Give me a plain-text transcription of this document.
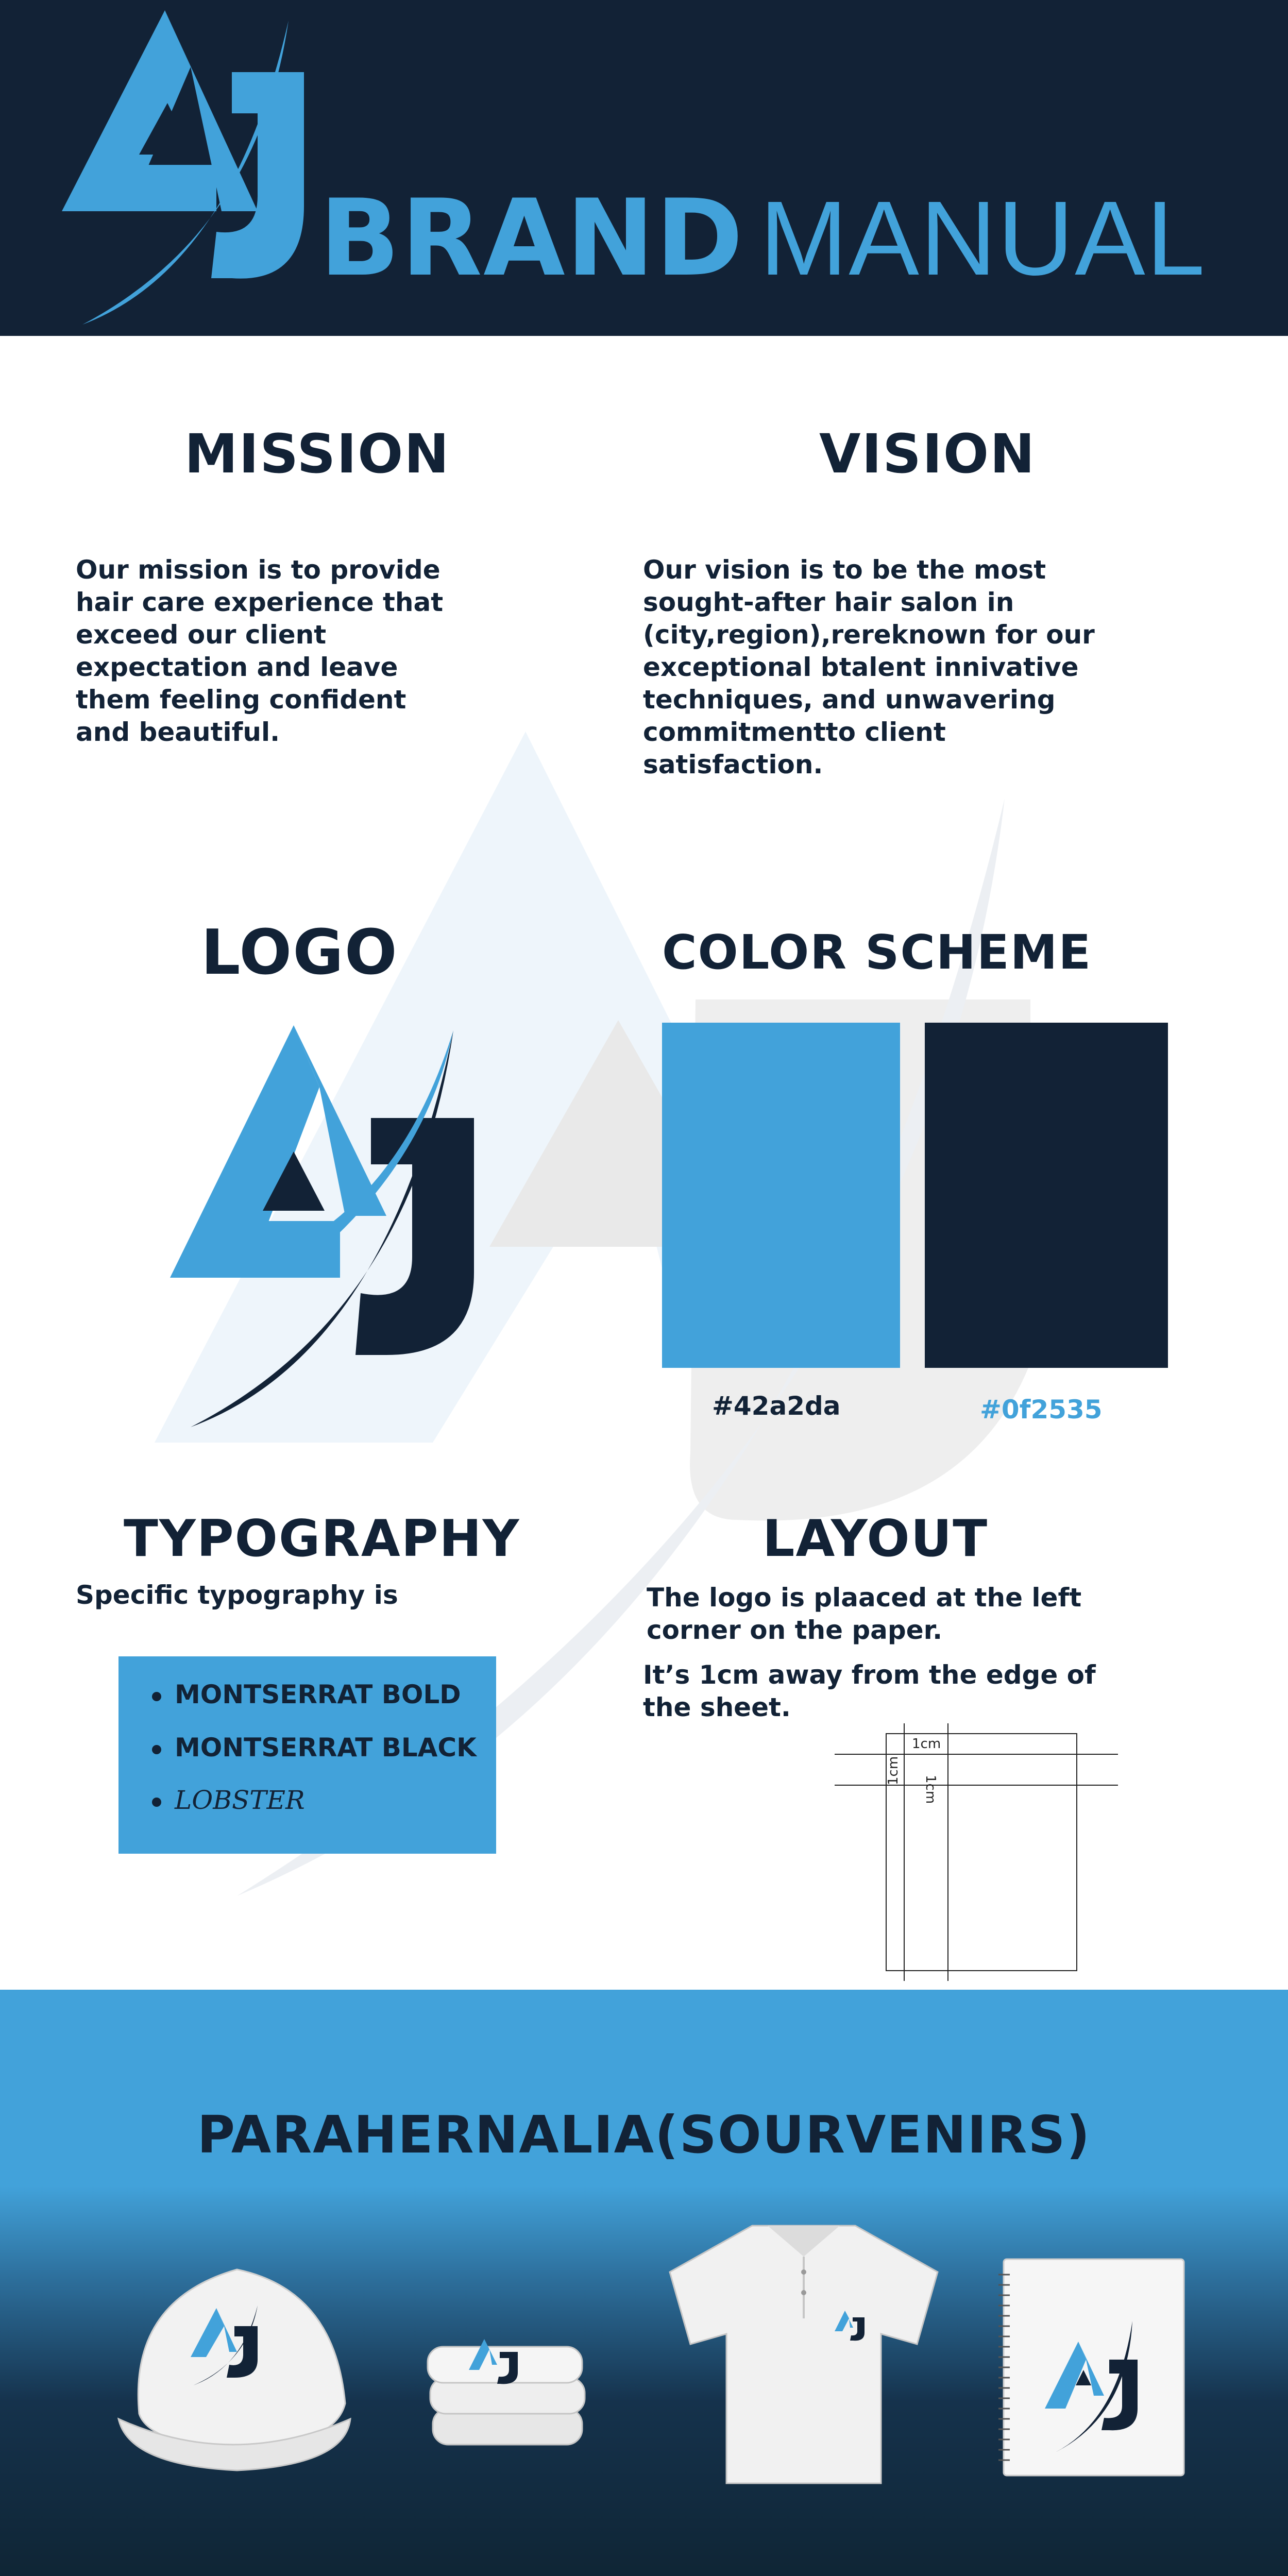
BRAND MANUAL
MISSION
Our mission is to provide hair care experience that exceed our client expectation and leave them feeling confident and beautiful.
VISION
Our vision is to be the most sought-after hair salon in (city,region),rereknown for our exceptional btalent innivative techniques, and unwavering commitmentto client satisfaction.
LOGO	COLOR SCHEME
#42a2da	#0f2535
TYPOGRAPHY
Specific typography is
MONTSERRAT BOLD
MONTSERRAT BLACK
LOBSTER
LAYOUT
The logo is plaaced at the left corner on the paper.
It’s 1cm away from the edge of the sheet.
1cm
1cm
1cm
PARAHERNALIA(SOURVENIRS)
